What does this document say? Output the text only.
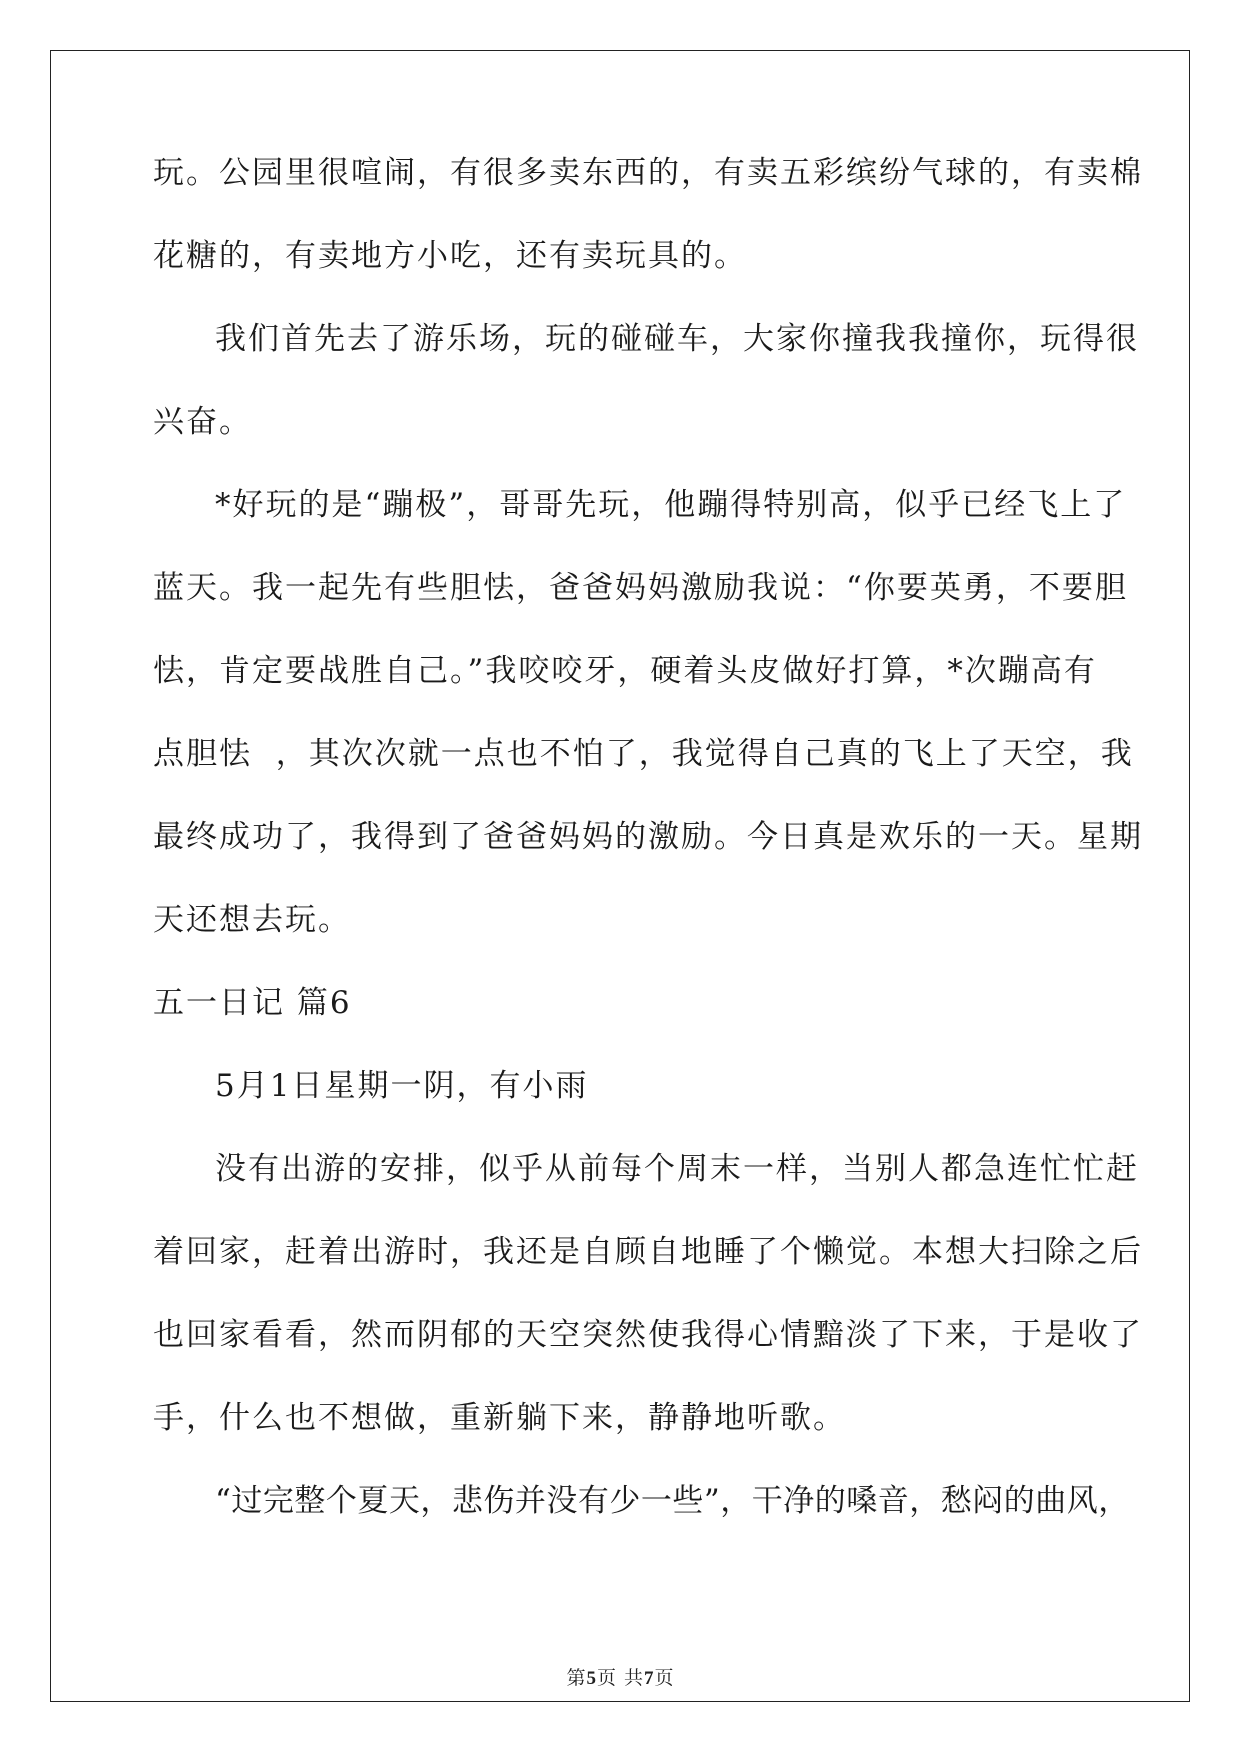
玩。公园里很喧闹，有很多卖东西的，有卖五彩缤纷气球的，有卖棉
花糖的，有卖地方小吃，还有卖玩具的。
我们首先去了游乐场，玩的碰碰车，大家你撞我我撞你，玩得很
兴奋。
*好玩的是“蹦极”，哥哥先玩，他蹦得特别高，似乎已经飞上了
蓝天。我一起先有些胆怯，爸爸妈妈激励我说：“你要英勇，不要胆
怯，肯定要战胜自己。”我咬咬牙，硬着头皮做好打算，*次蹦高有
点胆怯  ，其次次就一点也不怕了，我觉得自己真的飞上了天空，我
最终成功了，我得到了爸爸妈妈的激励。今日真是欢乐的一天。星期
天还想去玩。
五一日记 篇6
5月1日星期一阴，有小雨
没有出游的安排，似乎从前每个周末一样，当别人都急连忙忙赶
着回家，赶着出游时，我还是自顾自地睡了个懒觉。本想大扫除之后
也回家看看，然而阴郁的天空突然使我得心情黯淡了下来，于是收了
手，什么也不想做，重新躺下来，静静地听歌。
“过完整个夏天，悲伤并没有少一些”，干净的嗓音，愁闷的曲风，
第5页 共7页
